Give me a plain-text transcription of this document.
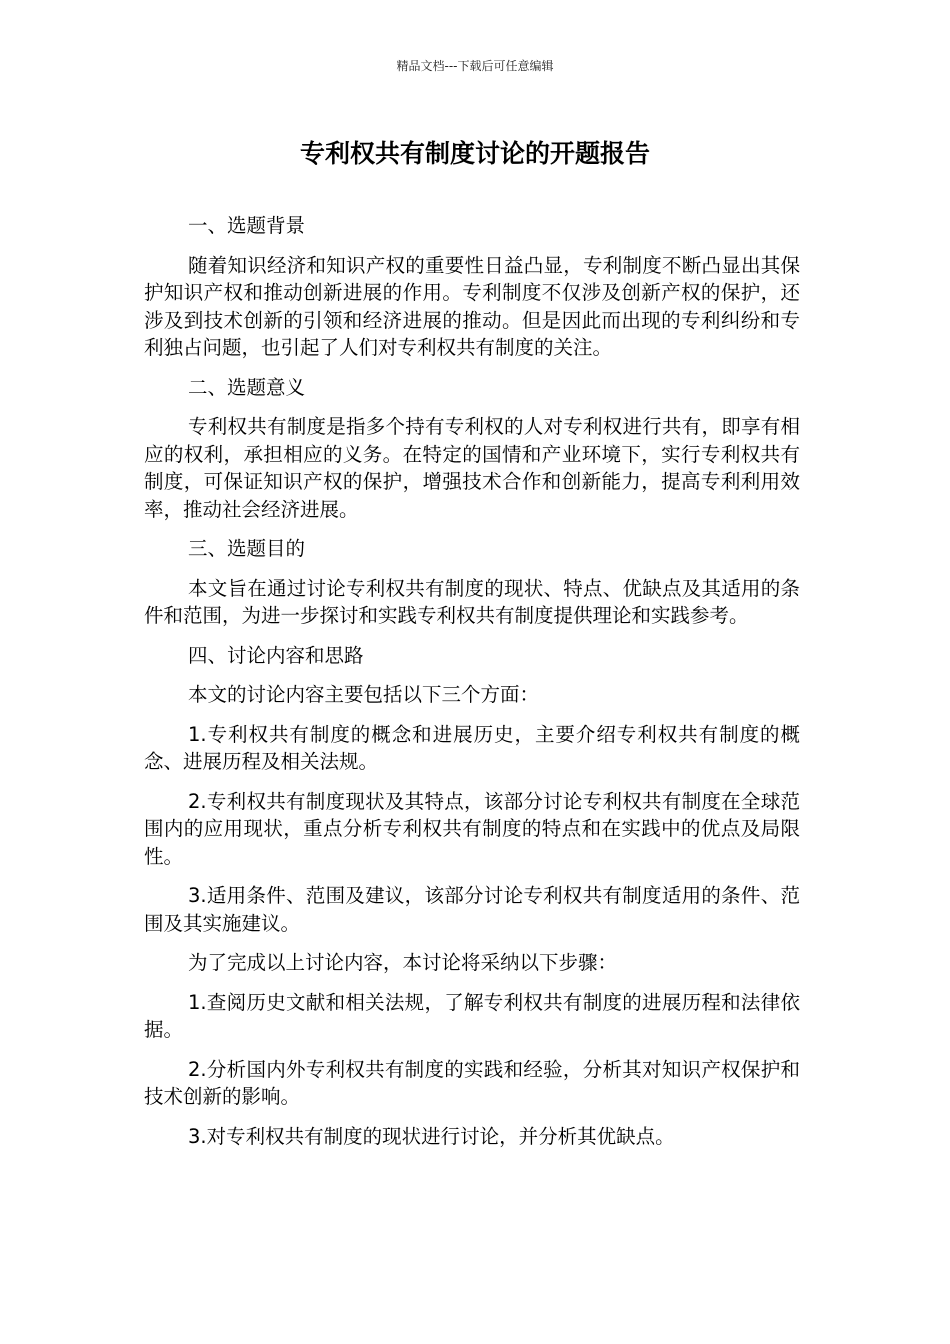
精品文档---下载后可任意编辑
专利权共有制度讨论的开题报告

一、选题背景

随着知识经济和知识产权的重要性日益凸显，专利制度不断凸显出其保护知识产权和推动创新进展的作用。专利制度不仅涉及创新产权的保护，还涉及到技术创新的引领和经济进展的推动。但是因此而出现的专利纠纷和专利独占问题，也引起了人们对专利权共有制度的关注。

二、选题意义

专利权共有制度是指多个持有专利权的人对专利权进行共有，即享有相应的权利，承担相应的义务。在特定的国情和产业环境下，实行专利权共有制度，可保证知识产权的保护，增强技术合作和创新能力，提高专利利用效率，推动社会经济进展。

三、选题目的

本文旨在通过讨论专利权共有制度的现状、特点、优缺点及其适用的条件和范围，为进一步探讨和实践专利权共有制度提供理论和实践参考。

四、讨论内容和思路

本文的讨论内容主要包括以下三个方面：

1.专利权共有制度的概念和进展历史，主要介绍专利权共有制度的概念、进展历程及相关法规。

2.专利权共有制度现状及其特点，该部分讨论专利权共有制度在全球范围内的应用现状，重点分析专利权共有制度的特点和在实践中的优点及局限性。

3.适用条件、范围及建议，该部分讨论专利权共有制度适用的条件、范围及其实施建议。

为了完成以上讨论内容，本讨论将采纳以下步骤：

1.查阅历史文献和相关法规，了解专利权共有制度的进展历程和法律依据。

2.分析国内外专利权共有制度的实践和经验，分析其对知识产权保护和技术创新的影响。

3.对专利权共有制度的现状进行讨论，并分析其优缺点。
